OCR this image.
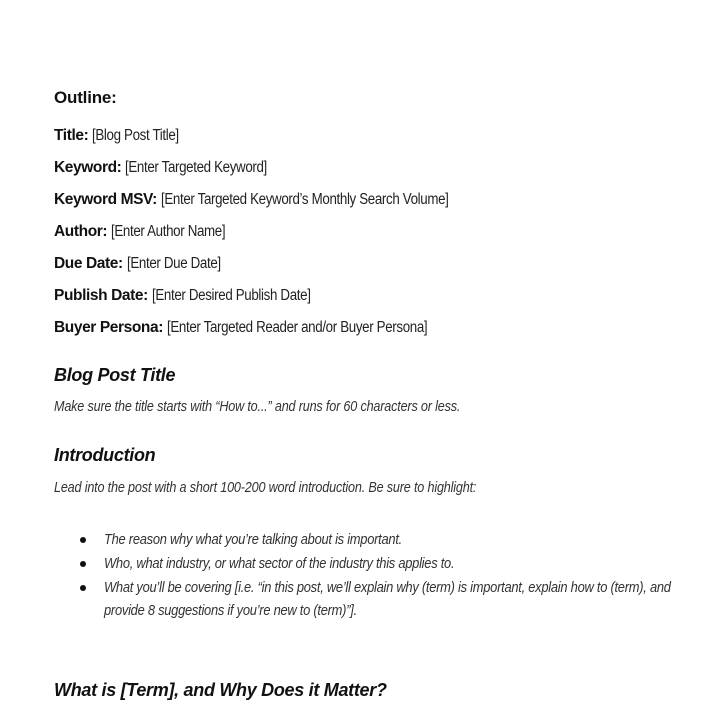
Outline:
Title: [Blog Post Title]
Keyword: [Enter Targeted Keyword]
Keyword MSV: [Enter Targeted Keyword’s Monthly Search Volume]
Author: [Enter Author Name]
Due Date: [Enter Due Date]
Publish Date: [Enter Desired Publish Date]
Buyer Persona: [Enter Targeted Reader and/or Buyer Persona]
Blog Post Title
Make sure the title starts with “How to...” and runs for 60 characters or less.
Introduction
Lead into the post with a short 100-200 word introduction. Be sure to highlight:
The reason why what you’re talking about is important.
Who, what industry, or what sector of the industry this applies to.
What you’ll be covering [i.e. “in this post, we’ll explain why (term) is important, explain how to (term), and provide 8 suggestions if you’re new to (term)”].
What is [Term], and Why Does it Matter?
